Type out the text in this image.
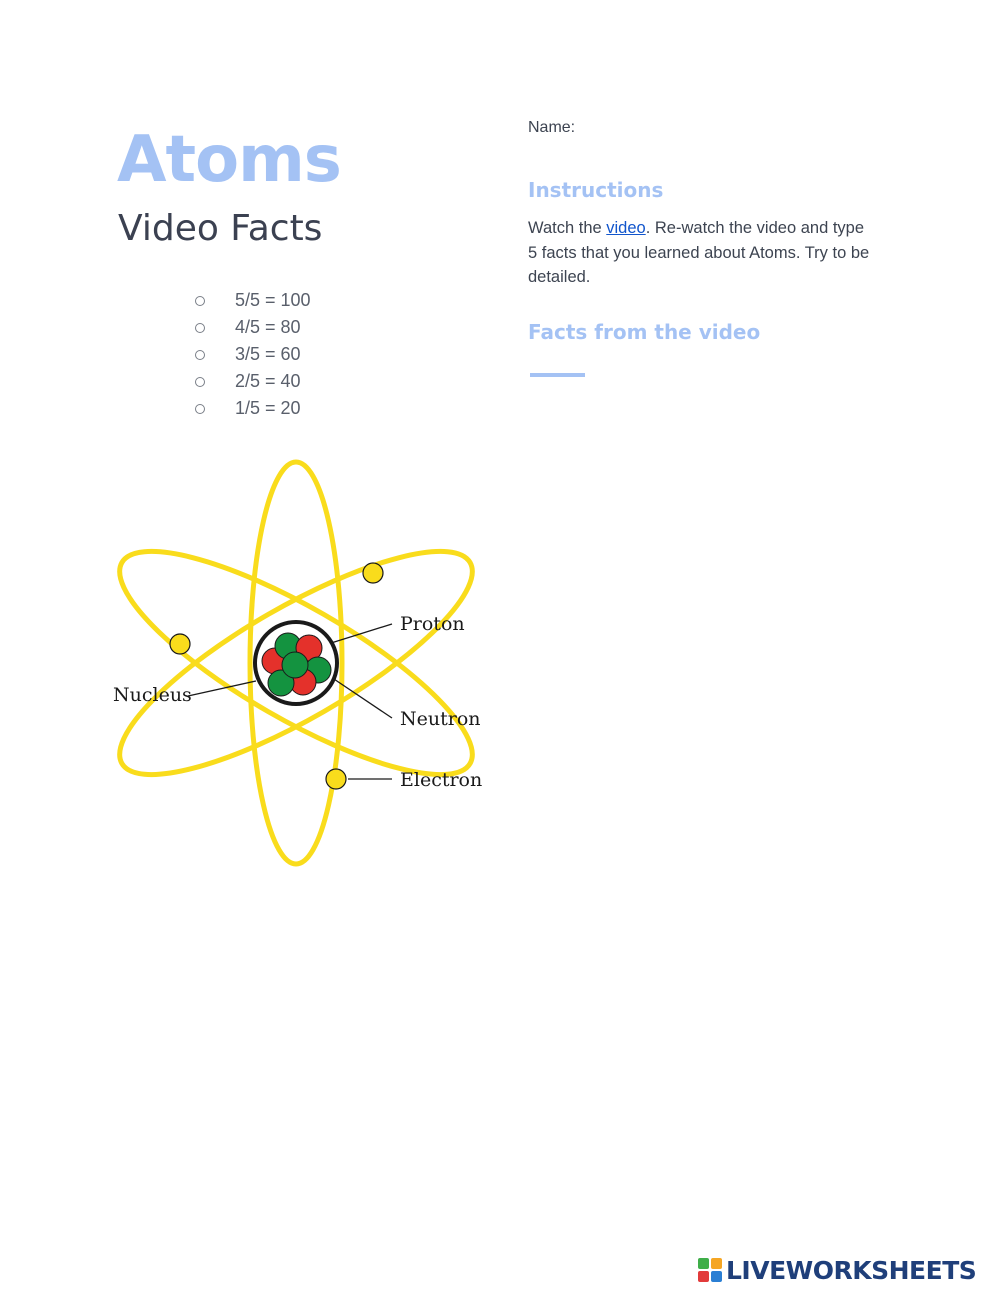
Atoms
Video Facts
5/5 = 100
4/5 = 80
3/5 = 60
2/5 = 40
1/5 = 20
Name:
Instructions

Watch the video. Re-watch the video and type 5 facts that you learned about Atoms. Try to be detailed.

Facts from the video
Proton
Nucleus
Neutron
Electron
LIVEWORKSHEETS
